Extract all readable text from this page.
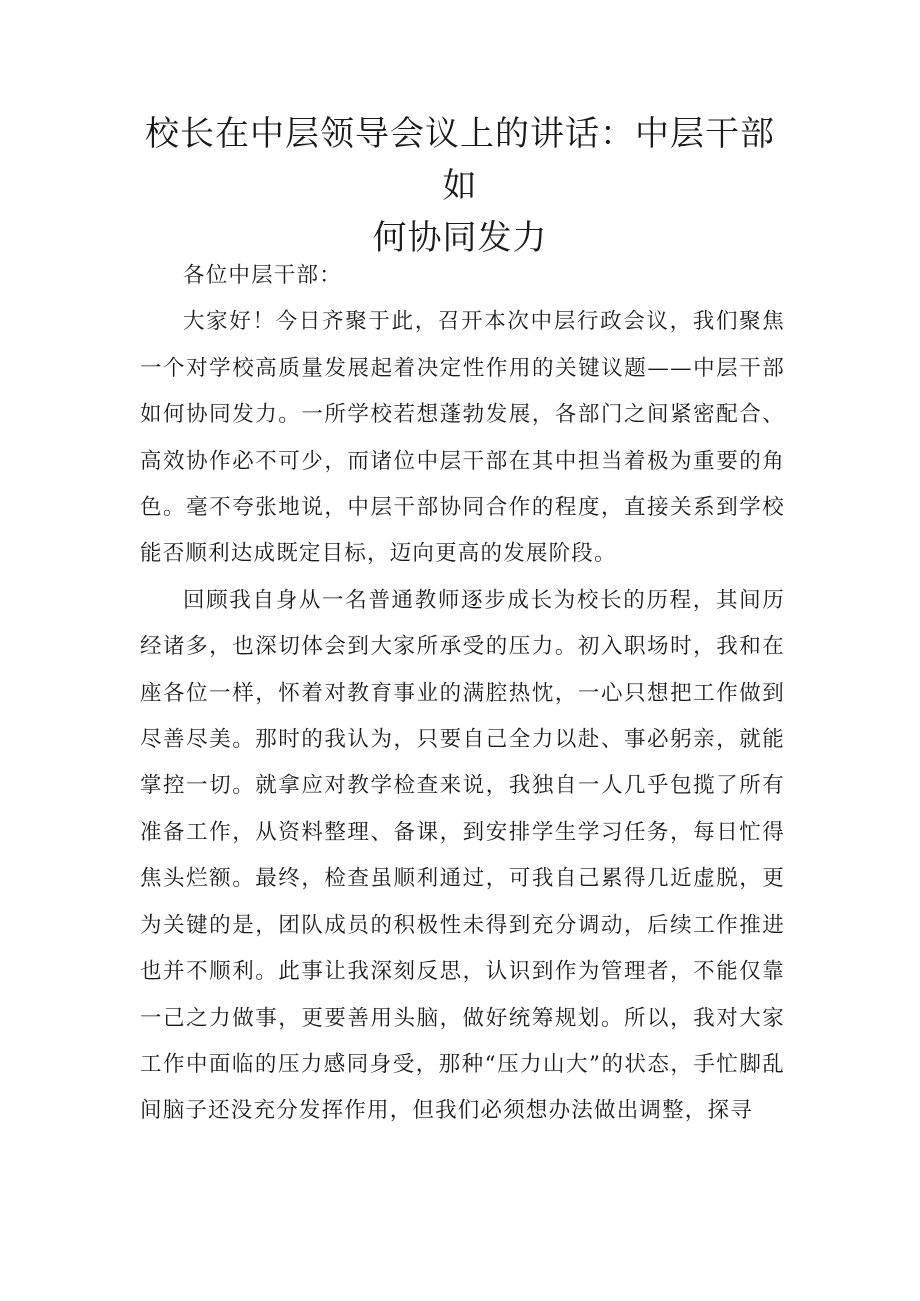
校长在中层领导会议上的讲话：中层干部如
何协同发力

各位中层干部：

大家好！今日齐聚于此，召开本次中层行政会议，我们聚焦一个对学校高质量发展起着决定性作用的关键议题——中层干部如何协同发力。一所学校若想蓬勃发展，各部门之间紧密配合、高效协作必不可少，而诸位中层干部在其中担当着极为重要的角色。毫不夸张地说，中层干部协同合作的程度，直接关系到学校能否顺利达成既定目标，迈向更高的发展阶段。

回顾我自身从一名普通教师逐步成长为校长的历程，其间历经诸多，也深切体会到大家所承受的压力。初入职场时，我和在座各位一样，怀着对教育事业的满腔热忱，一心只想把工作做到尽善尽美。那时的我认为，只要自己全力以赴、事必躬亲，就能掌控一切。就拿应对教学检查来说，我独自一人几乎包揽了所有准备工作，从资料整理、备课，到安排学生学习任务，每日忙得焦头烂额。最终，检查虽顺利通过，可我自己累得几近虚脱，更为关键的是，团队成员的积极性未得到充分调动，后续工作推进也并不顺利。此事让我深刻反思，认识到作为管理者，不能仅靠一己之力做事，更要善用头脑，做好统筹规划。所以，我对大家工作中面临的压力感同身受，那种“压力山大”的状态，手忙脚乱间脑子还没充分发挥作用，但我们必须想办法做出调整，探寻
